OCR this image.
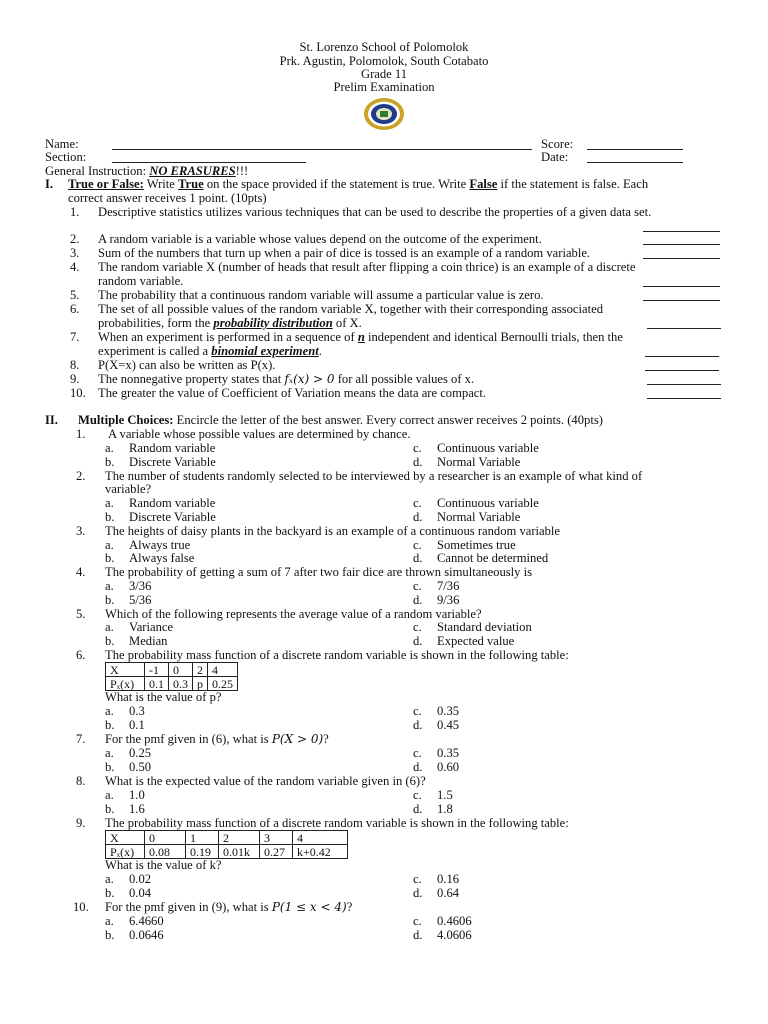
St. Lorenzo School of Polomolok
Prk. Agustin, Polomolok, South Cotabato
Grade 11
Prelim Examination
Name:	Score:
Section:	Date:
General Instruction: NO ERASURES!!!
I. True or False: Write True on the space provided if the statement is true. Write False if the statement is false. Each
correct answer receives 1 point. (10pts)
1. Descriptive statistics utilizes various techniques that can be used to describe the properties of a given data set.
2. A random variable is a variable whose values depend on the outcome of the experiment.
3. Sum of the numbers that turn up when a pair of dice is tossed is an example of a random variable.
4. The random variable X (number of heads that result after flipping a coin thrice) is an example of a discrete
random variable.
5. The probability that a continuous random variable will assume a particular value is zero.
6. The set of all possible values of the random variable X, together with their corresponding associated
probabilities, form the probability distribution of X.
7. When an experiment is performed in a sequence of n independent and identical Bernoulli trials, then the
experiment is called a binomial experiment.
8. P(X=x) can also be written as P(x).
9. The nonnegative property states that fₓ(x) > 0 for all possible values of x.
10. The greater the value of Coefficient of Variation means the data are compact.
II. Multiple Choices: Encircle the letter of the best answer. Every correct answer receives 2 points. (40pts)
1. A variable whose possible values are determined by chance.
a. Random variable	c. Continuous variable
b. Discrete Variable	d. Normal Variable
2. The number of students randomly selected to be interviewed by a researcher is an example of what kind of
variable?
a. Random variable	c. Continuous variable
b. Discrete Variable	d. Normal Variable
3. The heights of daisy plants in the backyard is an example of a continuous random variable
a. Always true	c. Sometimes true
b. Always false	d. Cannot be determined
4. The probability of getting a sum of 7 after two fair dice are thrown simultaneously is
a. 3/36	c. 7/36
b. 5/36	d. 9/36
5. Which of the following represents the average value of a random variable?
a. Variance	c. Standard deviation
b. Median	d. Expected value
6. The probability mass function of a discrete random variable is shown in the following table:
X	-1	0	2	4
Pₓ(x)	0.1	0.3	p	0.25
What is the value of p?
a. 0.3	c. 0.35
b. 0.1	d. 0.45
7. For the pmf given in (6), what is P(X > 0)?
a. 0.25	c. 0.35
b. 0.50	d. 0.60
8. What is the expected value of the random variable given in (6)?
a. 1.0	c. 1.5
b. 1.6	d. 1.8
9. The probability mass function of a discrete random variable is shown in the following table:
X	0	1	2	3	4
Pₓ(x)	0.08	0.19	0.01k	0.27	k+0.42
What is the value of k?
a. 0.02	c. 0.16
b. 0.04	d. 0.64
10. For the pmf given in (9), what is P(1 ≤ x < 4)?
a. 6.4660	c. 0.4606
b. 0.0646	d. 4.0606
